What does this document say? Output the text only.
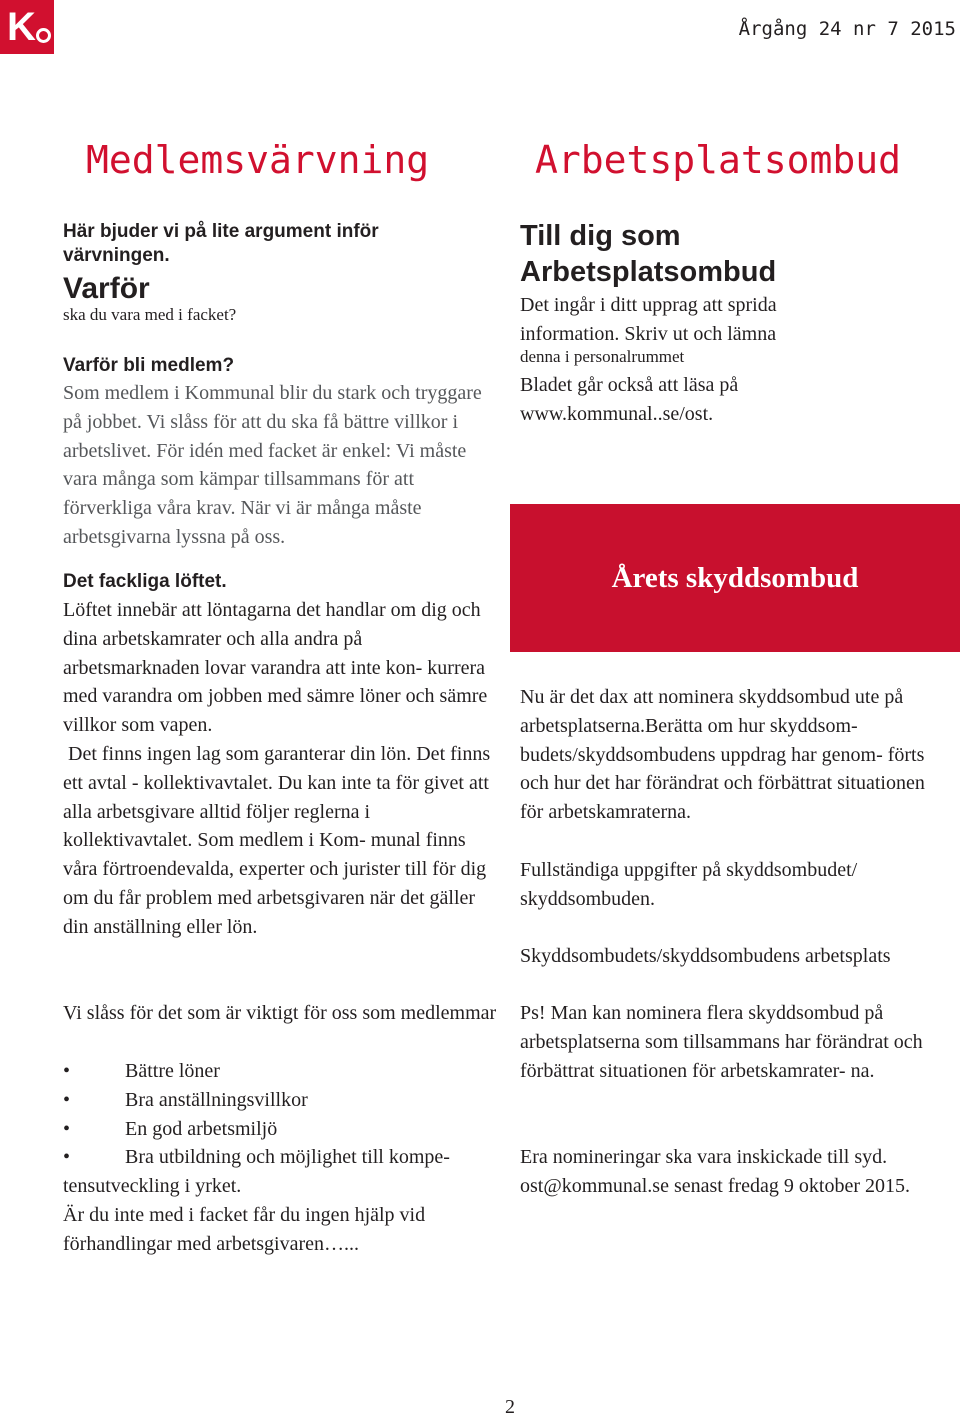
K	Årgång 24 nr 7 2015
Medlemsvärvning
Här bjuder vi på lite argument inför värvningen.
Varför
ska du vara med i facket?
Varför bli medlem?

Som medlem i Kommunal blir du stark och tryggare på jobbet. Vi slåss för att du ska få bättre villkor i arbetslivet. För idén med facket är enkel: Vi måste vara många som kämpar tillsammans för att förverkliga våra krav. När vi är många måste arbetsgivarna lyssna på oss.

Det fackliga löftet.

Löftet innebär att löntagarna det handlar om dig och dina arbetskamrater och alla andra på arbetsmarknaden lovar varandra att inte kon- kurrera med varandra om jobben med sämre löner och sämre villkor som vapen.

Det finns ingen lag som garanterar din lön. Det finns ett avtal - kollektivavtalet. Du kan inte ta för givet att alla arbetsgivare alltid följer reglerna i kollektivavtalet. Som medlem i Kom- munal finns våra förtroendevalda, experter och jurister till för dig om du får problem med arbetsgivaren när det gäller din anställning eller lön.

Vi slåss för det som är viktigt för oss som medlemmar

•	Bättre löner
•	Bra anställningsvillkor
•	En god arbetsmiljö
•	Bra utbildning och möjlighet till kompe-

tensutveckling i yrket.

Är du inte med i facket får du ingen hjälp vid förhandlingar med arbetsgivaren…...

Arbetsplatsombud
Till dig som
Arbetsplatsombud

Det ingår i ditt upprag att sprida information. Skriv ut och lämna

denna i personalrummet

Bladet går också att läsa på www.kommunal..se/ost.

Årets skyddsombud

Nu är det dax att nominera skyddsombud ute på arbetsplatserna.Berätta om hur skyddsom- budets/skyddsombudens uppdrag har genom- förts och hur det har förändrat och förbättrat situationen för arbetskamraterna.

Fullständiga uppgifter på skyddsombudet/ skyddsombuden.

Skyddsombudets/skyddsombudens arbetsplats

Ps! Man kan nominera flera skyddsombud på arbetsplatserna som tillsammans har förändrat och förbättrat situationen för arbetskamrater- na.

Era nomineringar ska vara inskickade till syd. ost@kommunal.se senast fredag 9 oktober 2015.

2
